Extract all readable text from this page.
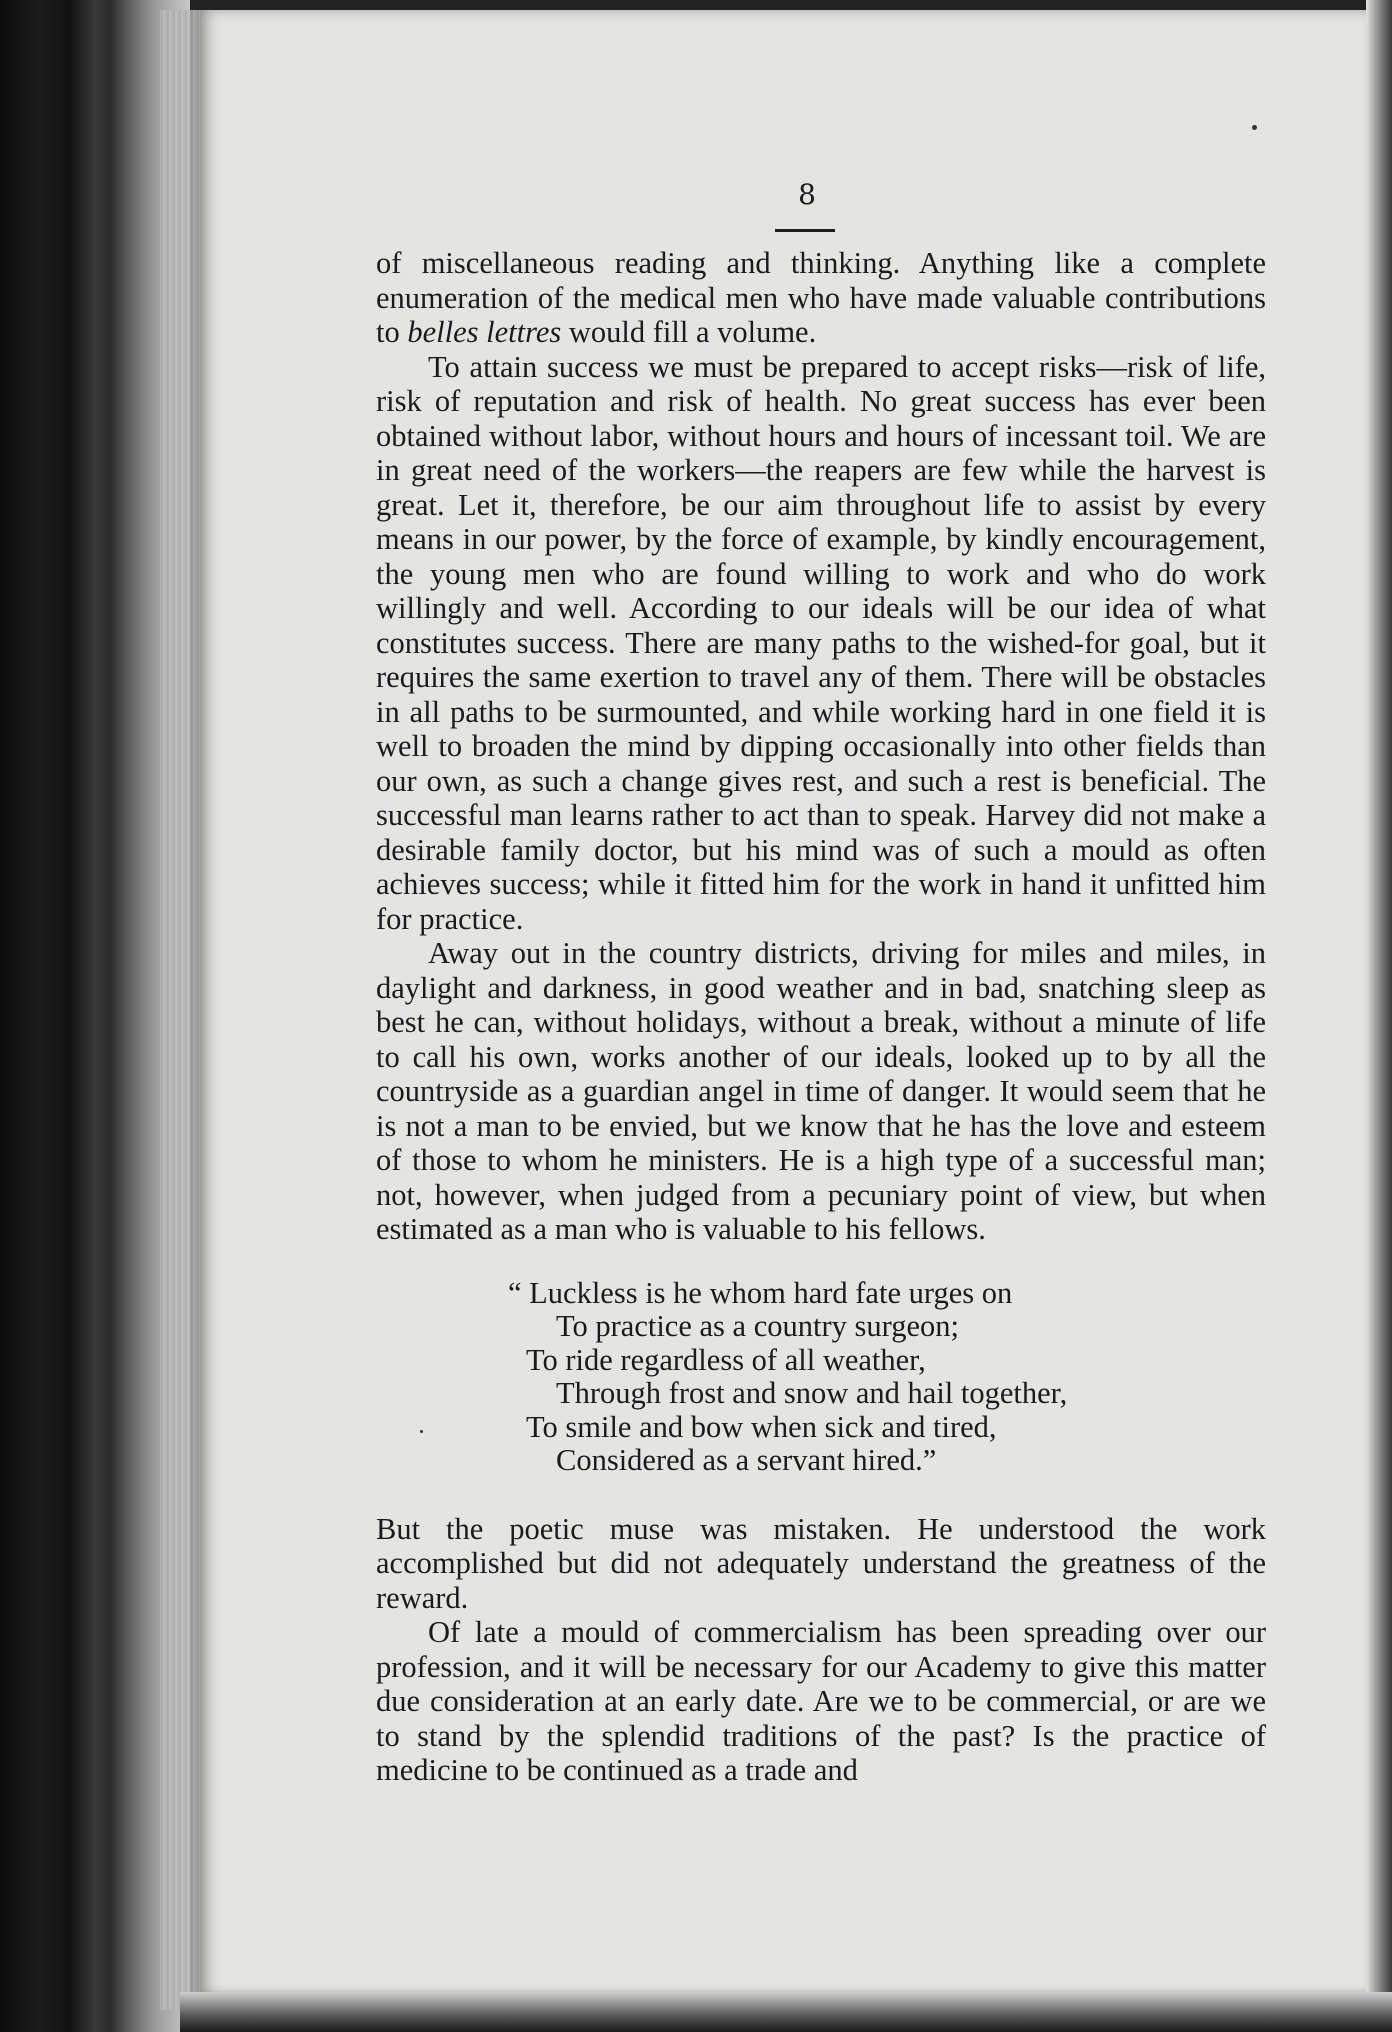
8

of miscellaneous reading and thinking. Anything like a complete enumeration of the medical men who have made valuable contributions to belles lettres would fill a volume.

To attain success we must be prepared to accept risks—risk of life, risk of reputation and risk of health. No great success has ever been obtained without labor, without hours and hours of incessant toil. We are in great need of the workers—the reapers are few while the harvest is great. Let it, therefore, be our aim throughout life to assist by every means in our power, by the force of example, by kindly encouragement, the young men who are found willing to work and who do work willingly and well. According to our ideals will be our idea of what constitutes success. There are many paths to the wished-for goal, but it requires the same exertion to travel any of them. There will be obstacles in all paths to be surmounted, and while working hard in one field it is well to broaden the mind by dipping occasionally into other fields than our own, as such a change gives rest, and such a rest is beneficial. The successful man learns rather to act than to speak. Harvey did not make a desirable family doctor, but his mind was of such a mould as often achieves success; while it fitted him for the work in hand it unfitted him for practice.

Away out in the country districts, driving for miles and miles, in daylight and darkness, in good weather and in bad, snatching sleep as best he can, without holidays, without a break, without a minute of life to call his own, works another of our ideals, looked up to by all the countryside as a guardian angel in time of danger. It would seem that he is not a man to be envied, but we know that he has the love and esteem of those to whom he ministers. He is a high type of a successful man; not, however, when judged from a pecuniary point of view, but when estimated as a man who is valuable to his fellows.

“ Luckless is he whom hard fate urges on
To practice as a country surgeon;
To ride regardless of all weather,
Through frost and snow and hail together,
To smile and bow when sick and tired,
Considered as a servant hired.”

But the poetic muse was mistaken. He understood the work accomplished but did not adequately understand the greatness of the reward.

Of late a mould of commercialism has been spreading over our profession, and it will be necessary for our Academy to give this matter due consideration at an early date. Are we to be commercial, or are we to stand by the splendid traditions of the past? Is the practice of medicine to be continued as a trade and
